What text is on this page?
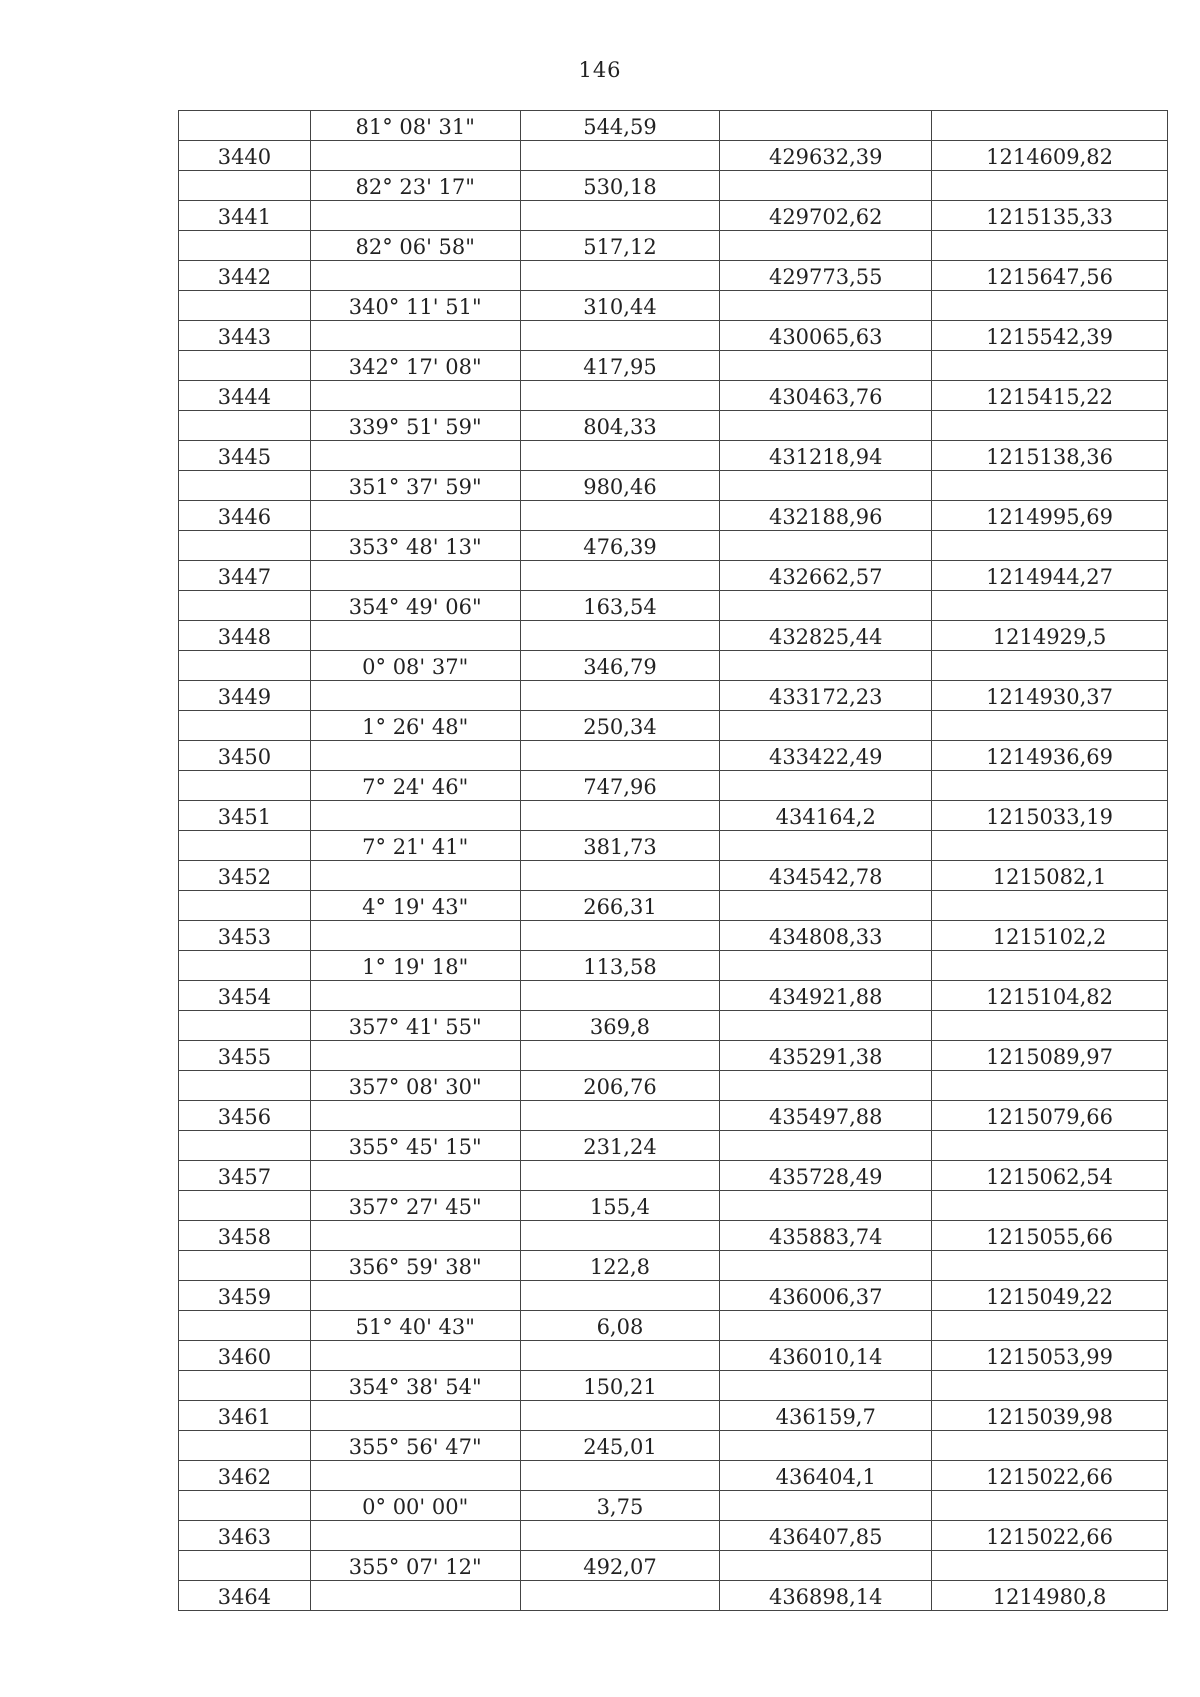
146
	81° 08' 31"	544,59		
3440			429632,39	1214609,82
	82° 23' 17"	530,18		
3441			429702,62	1215135,33
	82° 06' 58"	517,12		
3442			429773,55	1215647,56
	340° 11' 51"	310,44		
3443			430065,63	1215542,39
	342° 17' 08"	417,95		
3444			430463,76	1215415,22
	339° 51' 59"	804,33		
3445			431218,94	1215138,36
	351° 37' 59"	980,46		
3446			432188,96	1214995,69
	353° 48' 13"	476,39		
3447			432662,57	1214944,27
	354° 49' 06"	163,54		
3448			432825,44	1214929,5
	0° 08' 37"	346,79		
3449			433172,23	1214930,37
	1° 26' 48"	250,34		
3450			433422,49	1214936,69
	7° 24' 46"	747,96		
3451			434164,2	1215033,19
	7° 21' 41"	381,73		
3452			434542,78	1215082,1
	4° 19' 43"	266,31		
3453			434808,33	1215102,2
	1° 19' 18"	113,58		
3454			434921,88	1215104,82
	357° 41' 55"	369,8		
3455			435291,38	1215089,97
	357° 08' 30"	206,76		
3456			435497,88	1215079,66
	355° 45' 15"	231,24		
3457			435728,49	1215062,54
	357° 27' 45"	155,4		
3458			435883,74	1215055,66
	356° 59' 38"	122,8		
3459			436006,37	1215049,22
	51° 40' 43"	6,08		
3460			436010,14	1215053,99
	354° 38' 54"	150,21		
3461			436159,7	1215039,98
	355° 56' 47"	245,01		
3462			436404,1	1215022,66
	0° 00' 00"	3,75		
3463			436407,85	1215022,66
	355° 07' 12"	492,07		
3464			436898,14	1214980,8
